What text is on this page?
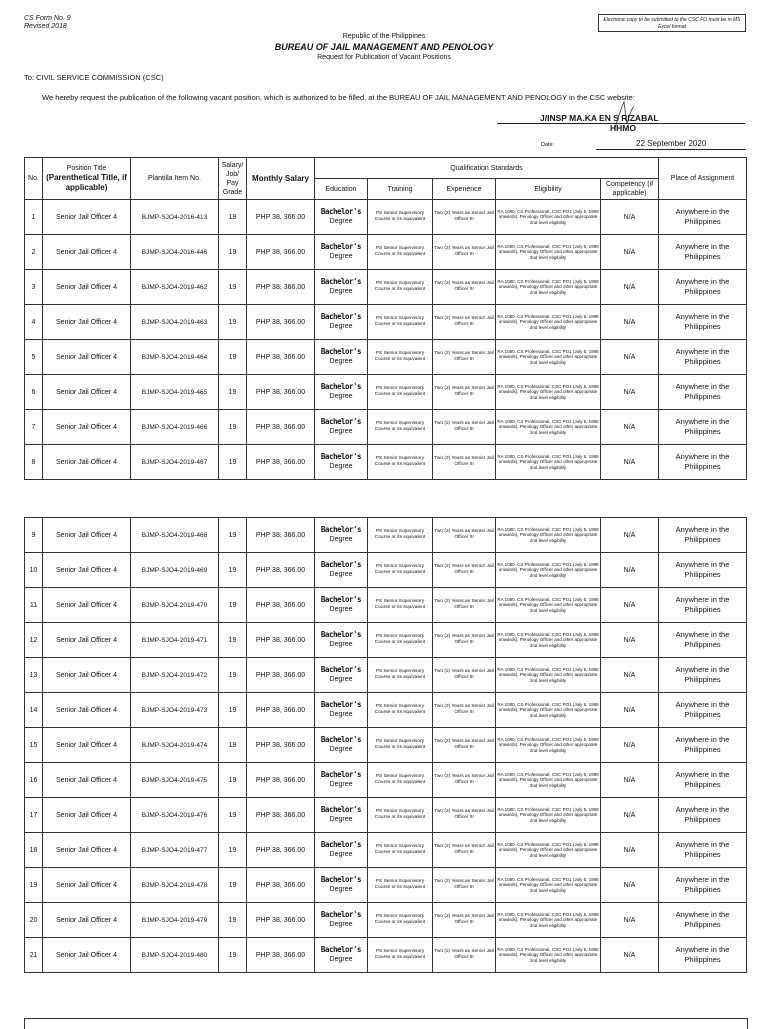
CS Form No. 9
Revised 2018
Electronic copy to be submitted to the CSC FO must be in MS Excel format
Republic of the Philippines
BUREAU OF JAIL MANAGEMENT AND PENOLOGY
Request for Publication of Vacant Positions
To: CIVIL SERVICE COMMISSION (CSC)
We hereby request the publication of the following vacant position, which is authorized to be filled, at the BUREAU OF JAIL MANAGEMENT AND PENOLOGY in the CSC website:
J/INSP MA.KA EN S RIZABAL
HHMO
Date:	22 September 2020
No.	Position Title
(Parenthetical Title, if applicable)	Plantilla Item No.	Salary/ Job/ Pay Grade	Monthly Salary	Qualification Standards					Place of Assignment
					Education	Training	Experience	Eligibility	Competency (if applicable)	
1	Senior Jail Officer 4	BJMP-SJO4-2016-413	19	PHP 38, 366.00	Bachelor's
Degree	PS Senior Supervisory Course or its equivalent	Two (2) Years as Senior Jail Officer III	RA 1080, CS Professional, CSC PO1 (July 5, 1998 onwards), Penology Officer and other appropriate 2nd level eligibility	N/A	Anywhere in the Philippines
2	Senior Jail Officer 4	BJMP-SJO4-2016-446	19	PHP 38, 366.00	Bachelor's
Degree	PS Senior Supervisory Course or its equivalent	Two (2) Years as Senior Jail Officer III	RA 1080, CS Professional, CSC PO1 (July 5, 1998 onwards), Penology Officer and other appropriate 2nd level eligibility	N/A	Anywhere in the Philippines
3	Senior Jail Officer 4	BJMP-SJO4-2019-462	19	PHP 38, 366.00	Bachelor's
Degree	PS Senior Supervisory Course or its equivalent	Two (2) Years as Senior Jail Officer III	RA 1080, CS Professional, CSC PO1 (July 5, 1998 onwards), Penology Officer and other appropriate 2nd level eligibility	N/A	Anywhere in the Philippines
4	Senior Jail Officer 4	BJMP-SJO4-2019-463	19	PHP 38, 366.00	Bachelor's
Degree	PS Senior Supervisory Course or its equivalent	Two (2) Years as Senior Jail Officer III	RA 1080, CS Professional, CSC PO1 (July 5, 1998 onwards), Penology Officer and other appropriate 2nd level eligibility	N/A	Anywhere in the Philippines
5	Senior Jail Officer 4	BJMP-SJO4-2019-464	19	PHP 38, 366.00	Bachelor's
Degree	PS Senior Supervisory Course or its equivalent	Two (2) Years as Senior Jail Officer III	RA 1080, CS Professional, CSC PO1 (July 5, 1998 onwards), Penology Officer and other appropriate 2nd level eligibility	N/A	Anywhere in the Philippines
6	Senior Jail Officer 4	BJMP-SJO4-2019-465	19	PHP 38, 366.00	Bachelor's
Degree	PS Senior Supervisory Course or its equivalent	Two (2) Years as Senior Jail Officer III	RA 1080, CS Professional, CSC PO1 (July 5, 1998 onwards), Penology Officer and other appropriate 2nd level eligibility	N/A	Anywhere in the Philippines
7	Senior Jail Officer 4	BJMP-SJO4-2019-466	19	PHP 38, 366.00	Bachelor's
Degree	PS Senior Supervisory Course or its equivalent	Two (2) Years as Senior Jail Officer III	RA 1080, CS Professional, CSC PO1 (July 5, 1998 onwards), Penology Officer and other appropriate 2nd level eligibility	N/A	Anywhere in the Philippines
8	Senior Jail Officer 4	BJMP-SJO4-2019-467	19	PHP 38, 366.00	Bachelor's
Degree	PS Senior Supervisory Course or its equivalent	Two (2) Years as Senior Jail Officer III	RA 1080, CS Professional, CSC PO1 (July 5, 1998 onwards), Penology Officer and other appropriate 2nd level eligibility	N/A	Anywhere in the Philippines
9	Senior Jail Officer 4	BJMP-SJO4-2019-468	19	PHP 38, 366.00	Bachelor's
Degree	PS Senior Supervisory Course or its equivalent	Two (2) Years as Senior Jail Officer III	RA 1080, CS Professional, CSC PO1 (July 5, 1998 onwards), Penology Officer and other appropriate 2nd level eligibility	N/A	Anywhere in the Philippines
10	Senior Jail Officer 4	BJMP-SJO4-2019-469	19	PHP 38, 366.00	Bachelor's
Degree	PS Senior Supervisory Course or its equivalent	Two (2) Years as Senior Jail Officer III	RA 1080, CS Professional, CSC PO1 (July 5, 1998 onwards), Penology Officer and other appropriate 2nd level eligibility	N/A	Anywhere in the Philippines
11	Senior Jail Officer 4	BJMP-SJO4-2019-470	19	PHP 38, 366.00	Bachelor's
Degree	PS Senior Supervisory Course or its equivalent	Two (2) Years as Senior Jail Officer III	RA 1080, CS Professional, CSC PO1 (July 5, 1998 onwards), Penology Officer and other appropriate 2nd level eligibility	N/A	Anywhere in the Philippines
12	Senior Jail Officer 4	BJMP-SJO4-2019-471	19	PHP 38, 366.00	Bachelor's
Degree	PS Senior Supervisory Course or its equivalent	Two (2) Years as Senior Jail Officer III	RA 1080, CS Professional, CSC PO1 (July 5, 1998 onwards), Penology Officer and other appropriate 2nd level eligibility	N/A	Anywhere in the Philippines
13	Senior Jail Officer 4	BJMP-SJO4-2019-472	19	PHP 38, 366.00	Bachelor's
Degree	PS Senior Supervisory Course or its equivalent	Two (2) Years as Senior Jail Officer III	RA 1080, CS Professional, CSC PO1 (July 5, 1998 onwards), Penology Officer and other appropriate 2nd level eligibility	N/A	Anywhere in the Philippines
14	Senior Jail Officer 4	BJMP-SJO4-2019-473	19	PHP 38, 366.00	Bachelor's
Degree	PS Senior Supervisory Course or its equivalent	Two (2) Years as Senior Jail Officer III	RA 1080, CS Professional, CSC PO1 (July 5, 1998 onwards), Penology Officer and other appropriate 2nd level eligibility	N/A	Anywhere in the Philippines
15	Senior Jail Officer 4	BJMP-SJO4-2019-474	19	PHP 38, 366.00	Bachelor's
Degree	PS Senior Supervisory Course or its equivalent	Two (2) Years as Senior Jail Officer III	RA 1080, CS Professional, CSC PO1 (July 5, 1998 onwards), Penology Officer and other appropriate 2nd level eligibility	N/A	Anywhere in the Philippines
16	Senior Jail Officer 4	BJMP-SJO4-2019-475	19	PHP 38, 366.00	Bachelor's
Degree	PS Senior Supervisory Course or its equivalent	Two (2) Years as Senior Jail Officer III	RA 1080, CS Professional, CSC PO1 (July 5, 1998 onwards), Penology Officer and other appropriate 2nd level eligibility	N/A	Anywhere in the Philippines
17	Senior Jail Officer 4	BJMP-SJO4-2019-476	19	PHP 38, 366.00	Bachelor's
Degree	PS Senior Supervisory Course or its equivalent	Two (2) Years as Senior Jail Officer III	RA 1080, CS Professional, CSC PO1 (July 5, 1998 onwards), Penology Officer and other appropriate 2nd level eligibility	N/A	Anywhere in the Philippines
18	Senior Jail Officer 4	BJMP-SJO4-2019-477	19	PHP 38, 366.00	Bachelor's
Degree	PS Senior Supervisory Course or its equivalent	Two (2) Years as Senior Jail Officer III	RA 1080, CS Professional, CSC PO1 (July 5, 1998 onwards), Penology Officer and other appropriate 2nd level eligibility	N/A	Anywhere in the Philippines
19	Senior Jail Officer 4	BJMP-SJO4-2019-478	19	PHP 38, 366.00	Bachelor's
Degree	PS Senior Supervisory Course or its equivalent	Two (2) Years as Senior Jail Officer III	RA 1080, CS Professional, CSC PO1 (July 5, 1998 onwards), Penology Officer and other appropriate 2nd level eligibility	N/A	Anywhere in the Philippines
20	Senior Jail Officer 4	BJMP-SJO4-2019-479	19	PHP 38, 366.00	Bachelor's
Degree	PS Senior Supervisory Course or its equivalent	Two (2) Years as Senior Jail Officer III	RA 1080, CS Professional, CSC PO1 (July 5, 1998 onwards), Penology Officer and other appropriate 2nd level eligibility	N/A	Anywhere in the Philippines
21	Senior Jail Officer 4	BJMP-SJO4-2019-480	19	PHP 38, 366.00	Bachelor's
Degree	PS Senior Supervisory Course or its equivalent	Two (2) Years as Senior Jail Officer III	RA 1080, CS Professional, CSC PO1 (July 5, 1998 onwards), Penology Officer and other appropriate 2nd level eligibility	N/A	Anywhere in the Philippines
